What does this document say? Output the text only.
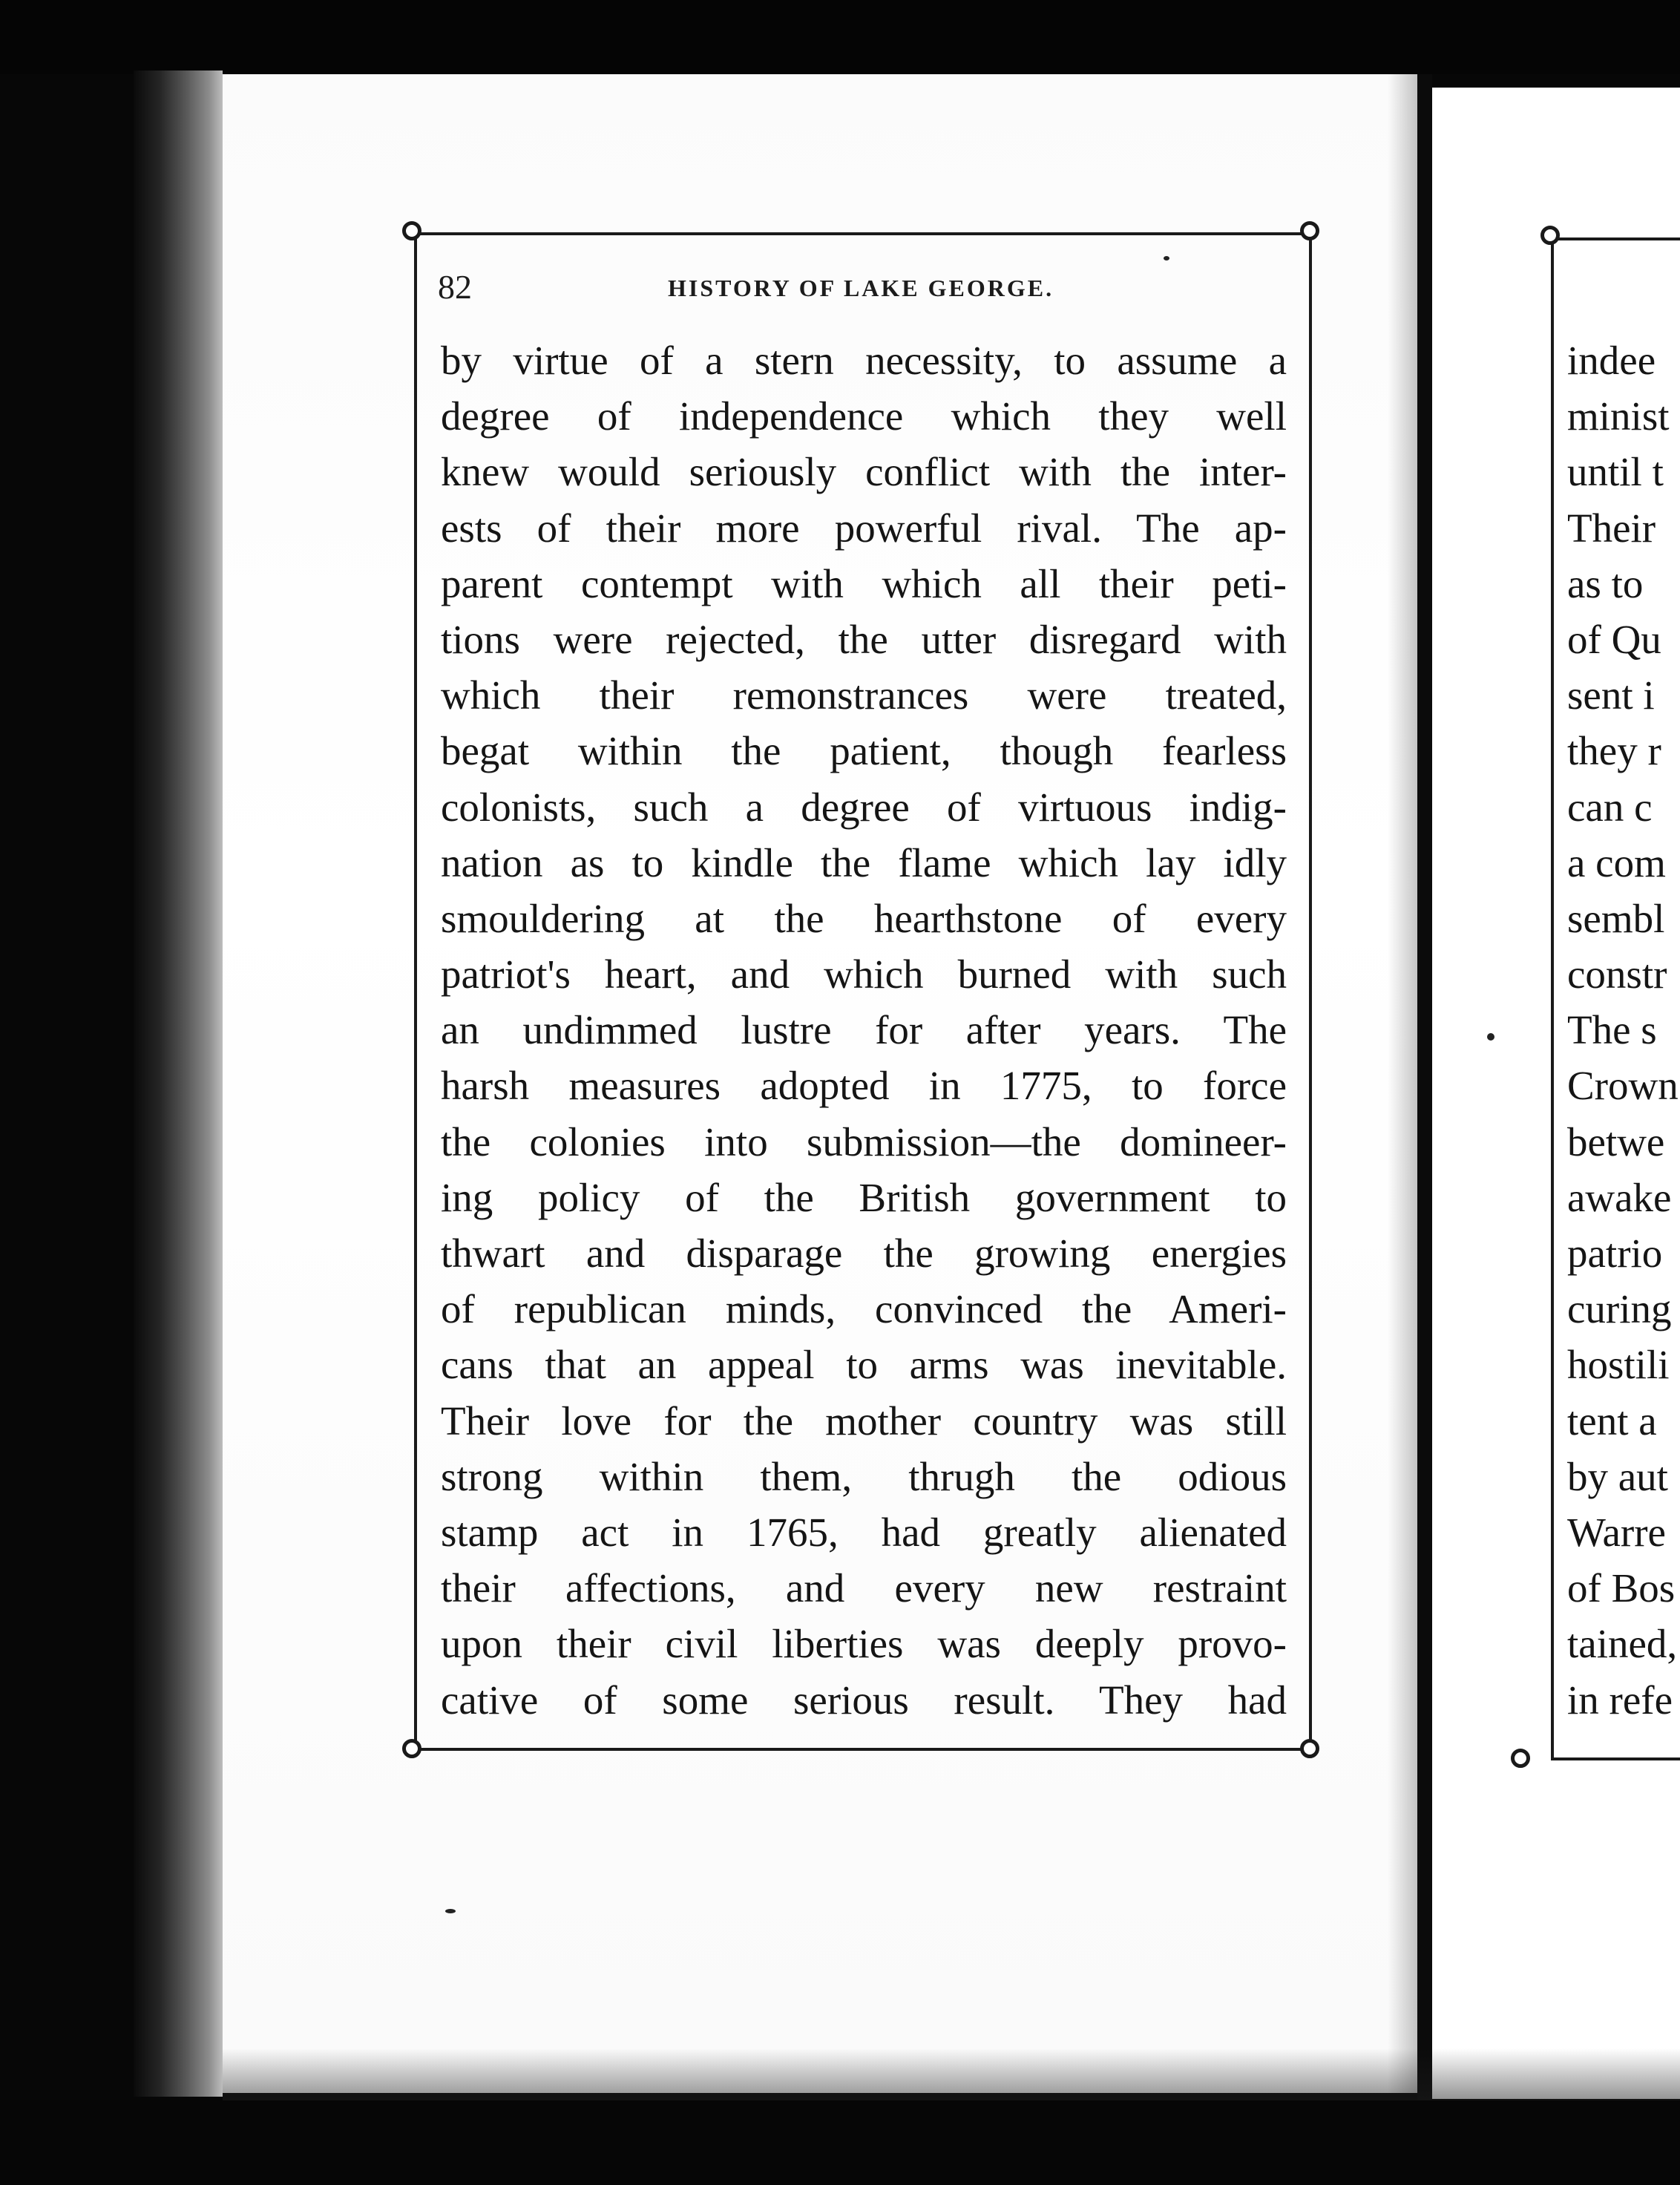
82	HISTORY OF LAKE GEORGE.
by virtue of a stern necessity, to assume a
degree of independence which they well
knew would seriously conflict with the inter-
ests of their more powerful rival. The ap-
parent contempt with which all their peti-
tions were rejected, the utter disregard with
which their remonstrances were treated,
begat within the patient, though fearless
colonists, such a degree of virtuous indig-
nation as to kindle the flame which lay idly
smouldering at the hearthstone of every
patriot's heart, and which burned with such
an undimmed lustre for after years. The
harsh measures adopted in 1775, to force
the colonies into submission—the domineer-
ing policy of the British government to
thwart and disparage the growing energies
of republican minds, convinced the Ameri-
cans that an appeal to arms was inevitable.
Their love for the mother country was still
strong within them, thrugh the odious
stamp act in 1765, had greatly alienated
their affections, and every new restraint
upon their civil liberties was deeply provo-
cative of some serious result. They had
indee
minist
until t
Their
as to
of Qu
sent i
they r
can c
a com
sembl
constr
The s
Crown
betwe
awake
patrio
curing
hostili
tent a
by aut
Warre
of Bos
tained,
in refe
